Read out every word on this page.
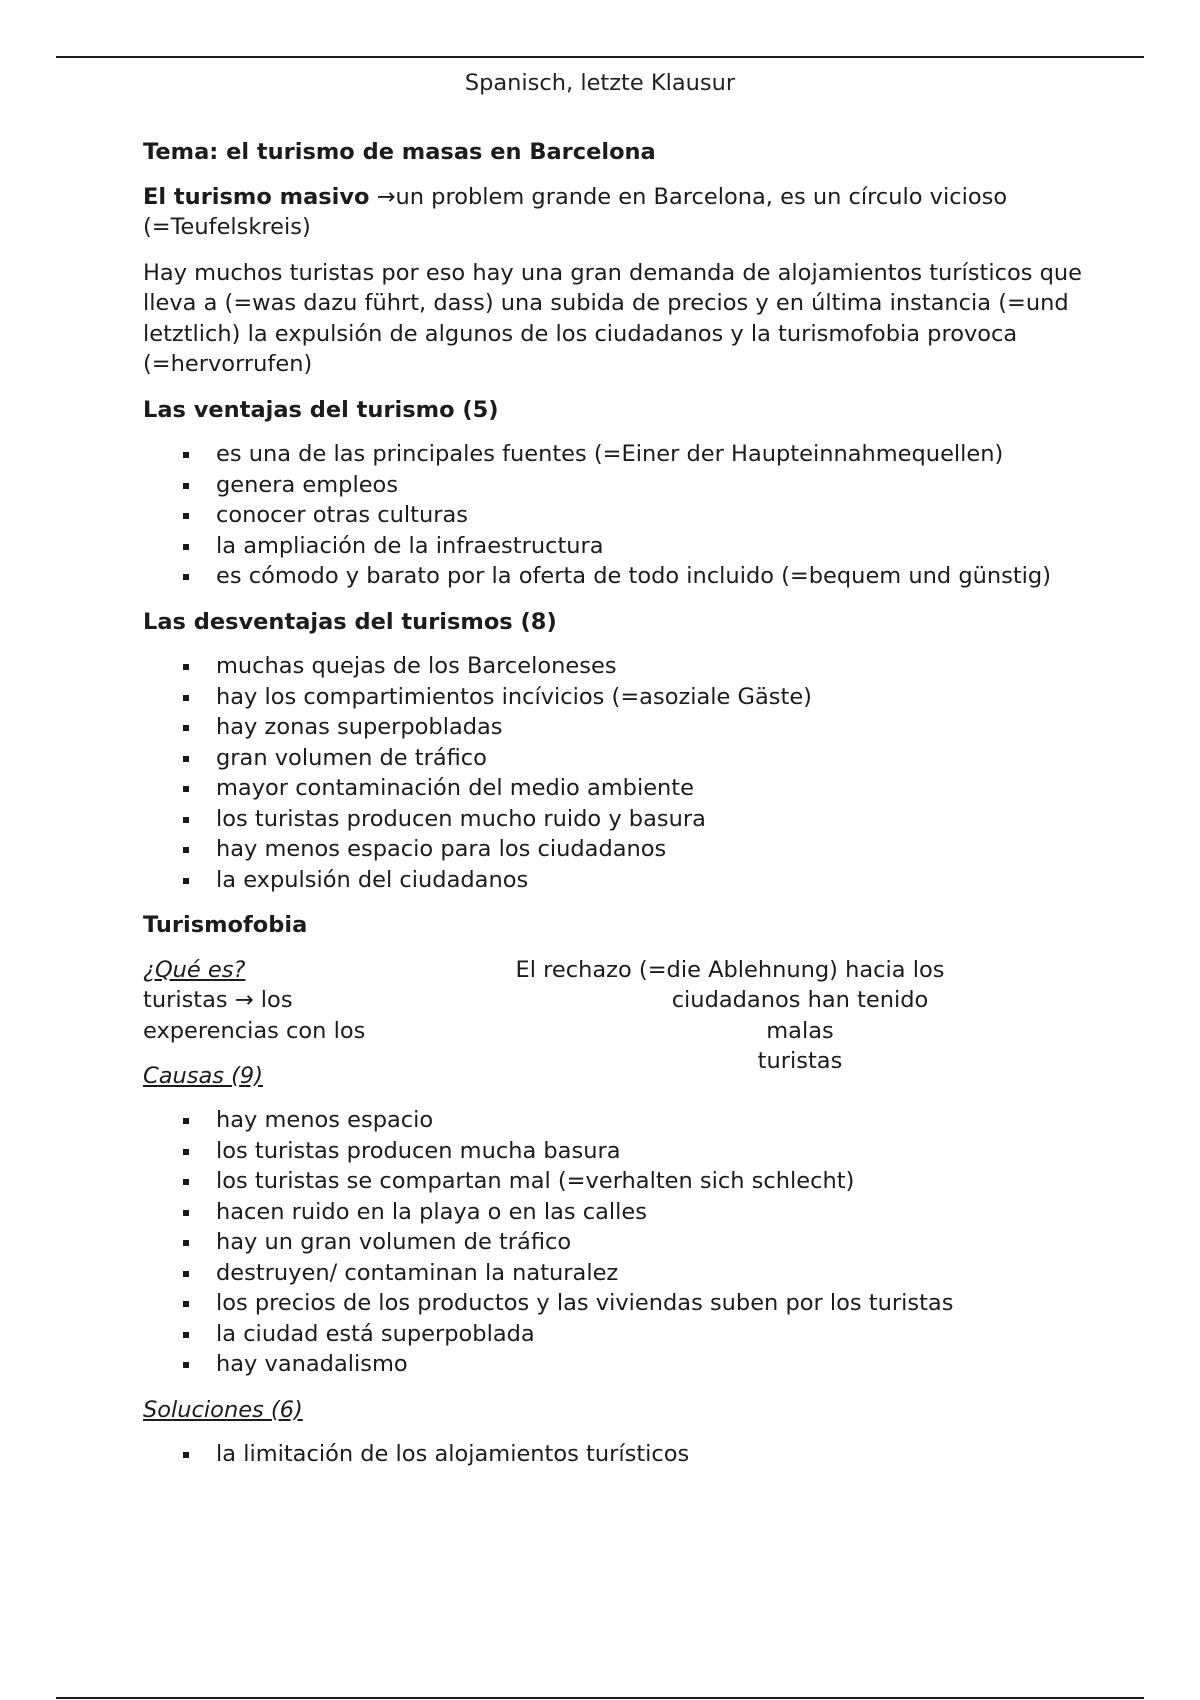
Spanisch, letzte Klausur
Tema: el turismo de masas en Barcelona
El turismo masivo →un problem grande en Barcelona, es un círculo vicioso (=Teufelskreis)
Hay muchos turistas por eso hay una gran demanda de alojamientos turísticos que lleva a (=was dazu führt, dass) una subida de precios y en última instancia (=und letztlich) la expulsión de algunos de los ciudadanos y la turismofobia provoca (=hervorrufen)
Las ventajas del turismo (5)
es una de las principales fuentes (=Einer der Haupteinnahmequellen)
genera empleos
conocer otras culturas
la ampliación de la infraestructura
es cómodo y barato por la oferta de todo incluido (=bequem und günstig)
Las desventajas del turismos (8)
muchas quejas de los Barceloneses
hay los compartimientos incívicios (=asoziale Gäste)
hay zonas superpobladas
gran volumen de tráfico
mayor contaminación del medio ambiente
los turistas producen mucho ruido y basura
hay menos espacio para los ciudadanos
la expulsión del ciudadanos
Turismofobia
¿Qué es?
turistas → los
experencias con los
El rechazo (=die Ablehnung) hacia los
ciudadanos han tenido malas
turistas
Causas (9)
hay menos espacio
los turistas producen mucha basura
los turistas se compartan mal (=verhalten sich schlecht)
hacen ruido en la playa o en las calles
hay un gran volumen de tráfico
destruyen/ contaminan la naturalez
los precios de los productos y las viviendas suben por los turistas
la ciudad está superpoblada
hay vanadalismo
Soluciones (6)
la limitación de los alojamientos turísticos
